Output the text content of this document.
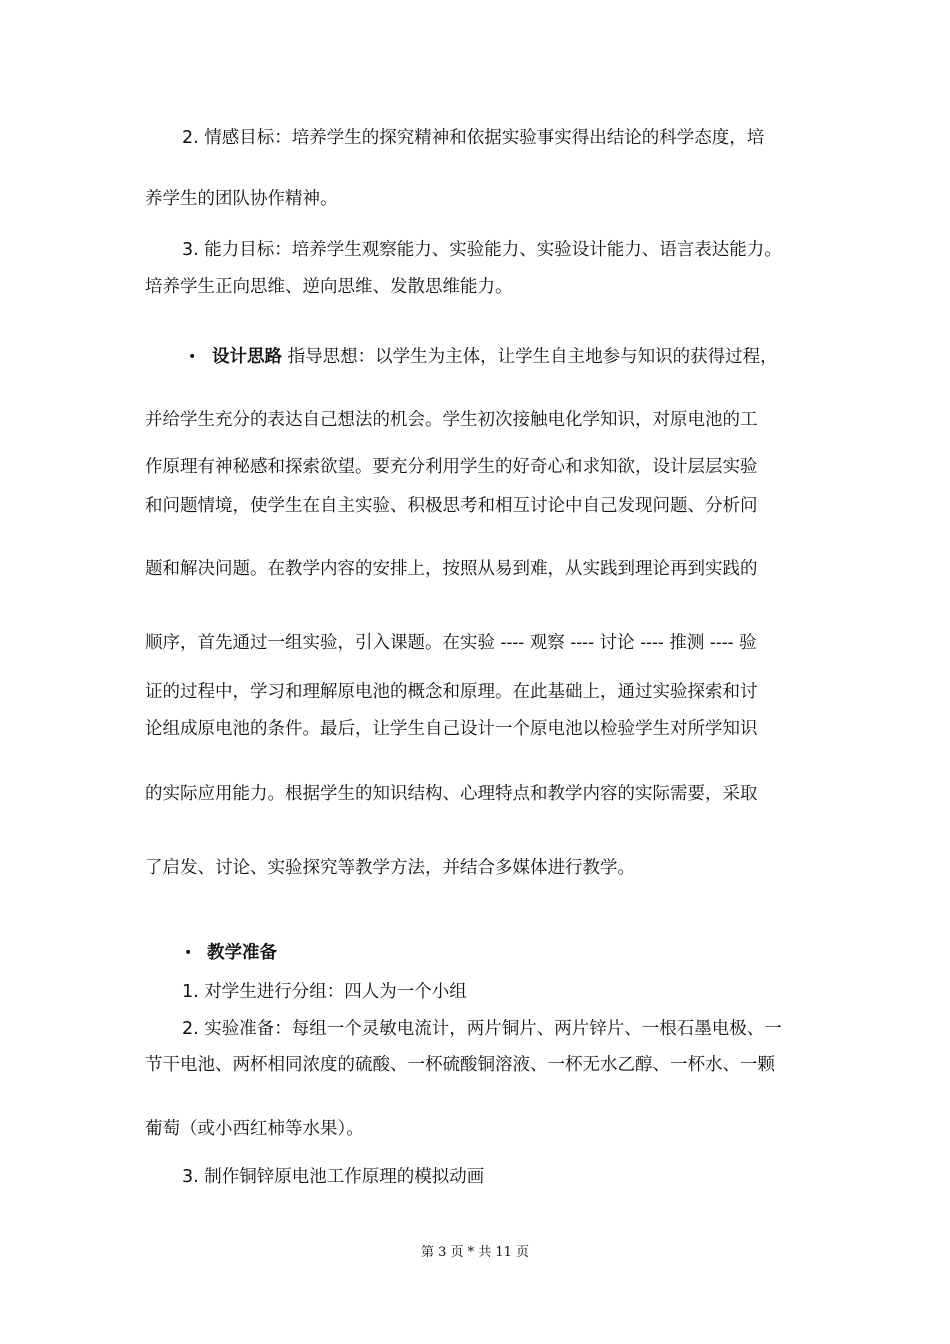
2. 情感目标：培养学生的探究精神和依据实验事实得出结论的科学态度，培
养学生的团队协作精神。
3. 能力目标：培养学生观察能力、实验能力、实验设计能力、语言表达能力。
培养学生正向思维、逆向思维、发散思维能力。
• 设计思路 指导思想：以学生为主体，让学生自主地参与知识的获得过程，
并给学生充分的表达自己想法的机会。学生初次接触电化学知识，对原电池的工
作原理有神秘感和探索欲望。要充分利用学生的好奇心和求知欲，设计层层实验
和问题情境，使学生在自主实验、积极思考和相互讨论中自己发现问题、分析问
题和解决问题。在教学内容的安排上，按照从易到难，从实践到理论再到实践的
顺序，首先通过一组实验，引入课题。在实验 ---- 观察 ---- 讨论 ---- 推测 ---- 验
证的过程中，学习和理解原电池的概念和原理。在此基础上，通过实验探索和讨
论组成原电池的条件。最后，让学生自己设计一个原电池以检验学生对所学知识
的实际应用能力。根据学生的知识结构、心理特点和教学内容的实际需要，采取
了启发、讨论、实验探究等教学方法，并结合多媒体进行教学。
• 教学准备
1. 对学生进行分组：四人为一个小组
2. 实验准备：每组一个灵敏电流计，两片铜片、两片锌片、一根石墨电极、一
节干电池、两杯相同浓度的硫酸、一杯硫酸铜溶液、一杯无水乙醇、一杯水、一颗
葡萄（或小西红柿等水果）。
3. 制作铜锌原电池工作原理的模拟动画
第 3 页 * 共 11 页
